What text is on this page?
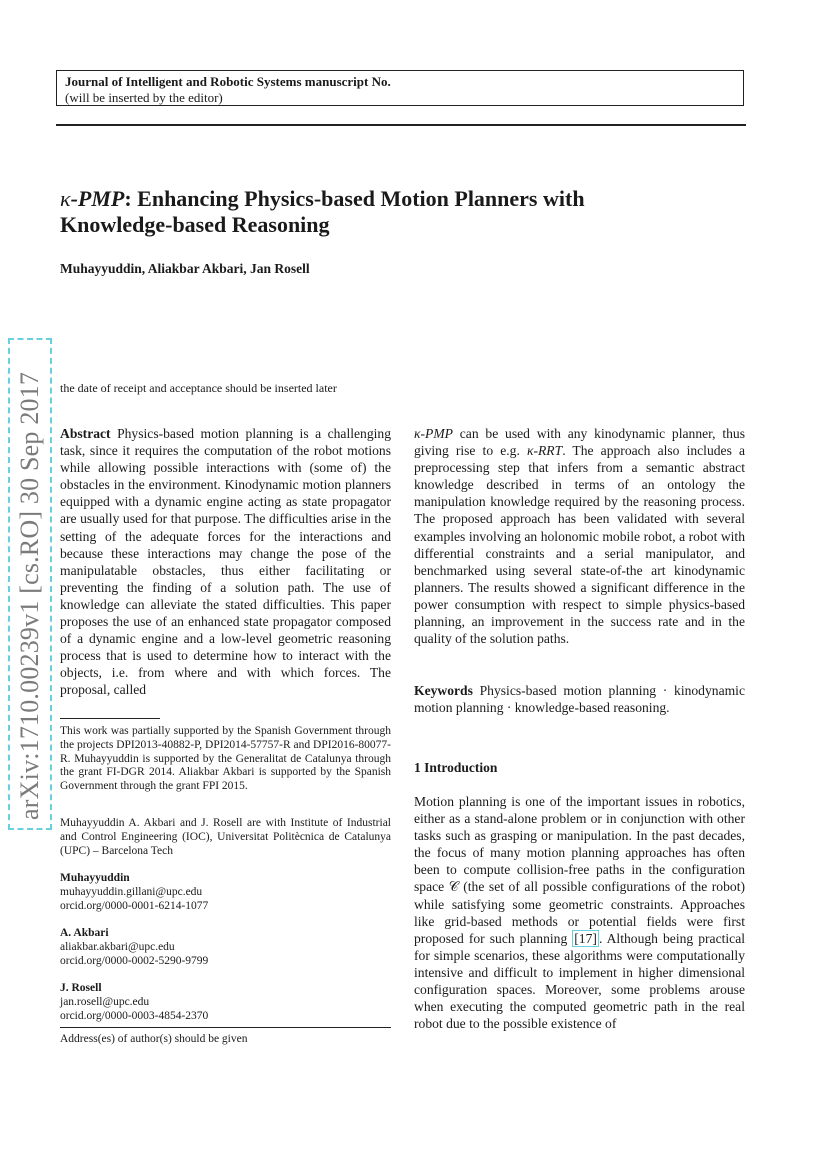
Journal of Intelligent and Robotic Systems manuscript No.
(will be inserted by the editor)
κ-PMP: Enhancing Physics-based Motion Planners with
Knowledge-based Reasoning
Muhayyuddin, Aliakbar Akbari, Jan Rosell
arXiv:1710.00239v1 [cs.RO] 30 Sep 2017	the date of receipt and acceptance should be inserted later
Abstract Physics-based motion planning is a challenging task, since it requires the computation of the robot motions while allowing possible interactions with (some of) the obstacles in the environment. Kinodynamic motion planners equipped with a dynamic engine acting as state propagator are usually used for that purpose. The difficulties arise in the setting of the adequate forces for the interactions and because these interactions may change the pose of the manipulatable obstacles, thus either facilitating or preventing the finding of a solution path. The use of knowledge can alleviate the stated difficulties. This paper proposes the use of an enhanced state propagator composed of a dynamic engine and a low-level geometric reasoning process that is used to determine how to interact with the objects, i.e. from where and with which forces. The proposal, called
κ-PMP can be used with any kinodynamic planner, thus giving rise to e.g. κ-RRT. The approach also includes a preprocessing step that infers from a semantic abstract knowledge described in terms of an ontology the manipulation knowledge required by the reasoning process. The proposed approach has been validated with several examples involving an holonomic mobile robot, a robot with differential constraints and a serial manipulator, and benchmarked using several state-of-the art kinodynamic planners. The results showed a significant difference in the power consumption with respect to simple physics-based planning, an improvement in the success rate and in the quality of the solution paths.
Keywords Physics-based motion planning · kinodynamic motion planning · knowledge-based reasoning.
This work was partially supported by the Spanish Government through the projects DPI2013-40882-P, DPI2014-57757-R and DPI2016-80077-R. Muhayyuddin is supported by the Generalitat de Catalunya through the grant FI-DGR 2014. Aliakbar Akbari is supported by the Spanish Government through the grant FPI 2015.
Muhayyuddin A. Akbari and J. Rosell are with Institute of Industrial and Control Engineering (IOC), Universitat Politècnica de Catalunya (UPC) – Barcelona Tech
Muhayyuddin
muhayyuddin.gillani@upc.edu
orcid.org/0000-0001-6214-1077
A. Akbari
aliakbar.akbari@upc.edu
orcid.org/0000-0002-5290-9799
J. Rosell
jan.rosell@upc.edu
orcid.org/0000-0003-4854-2370
Address(es) of author(s) should be given
1 Introduction
Motion planning is one of the important issues in robotics, either as a stand-alone problem or in conjunction with other tasks such as grasping or manipulation. In the past decades, the focus of many motion planning approaches has often been to compute collision-free paths in the configuration space 𝒞 (the set of all possible configurations of the robot) while satisfying some geometric constraints. Approaches like grid-based methods or potential fields were first proposed for such planning [17] . Although being practical for simple scenarios, these algorithms were computationally intensive and difficult to implement in higher dimensional configuration spaces. Moreover, some problems arouse when executing the computed geometric path in the real robot due to the possible existence of
